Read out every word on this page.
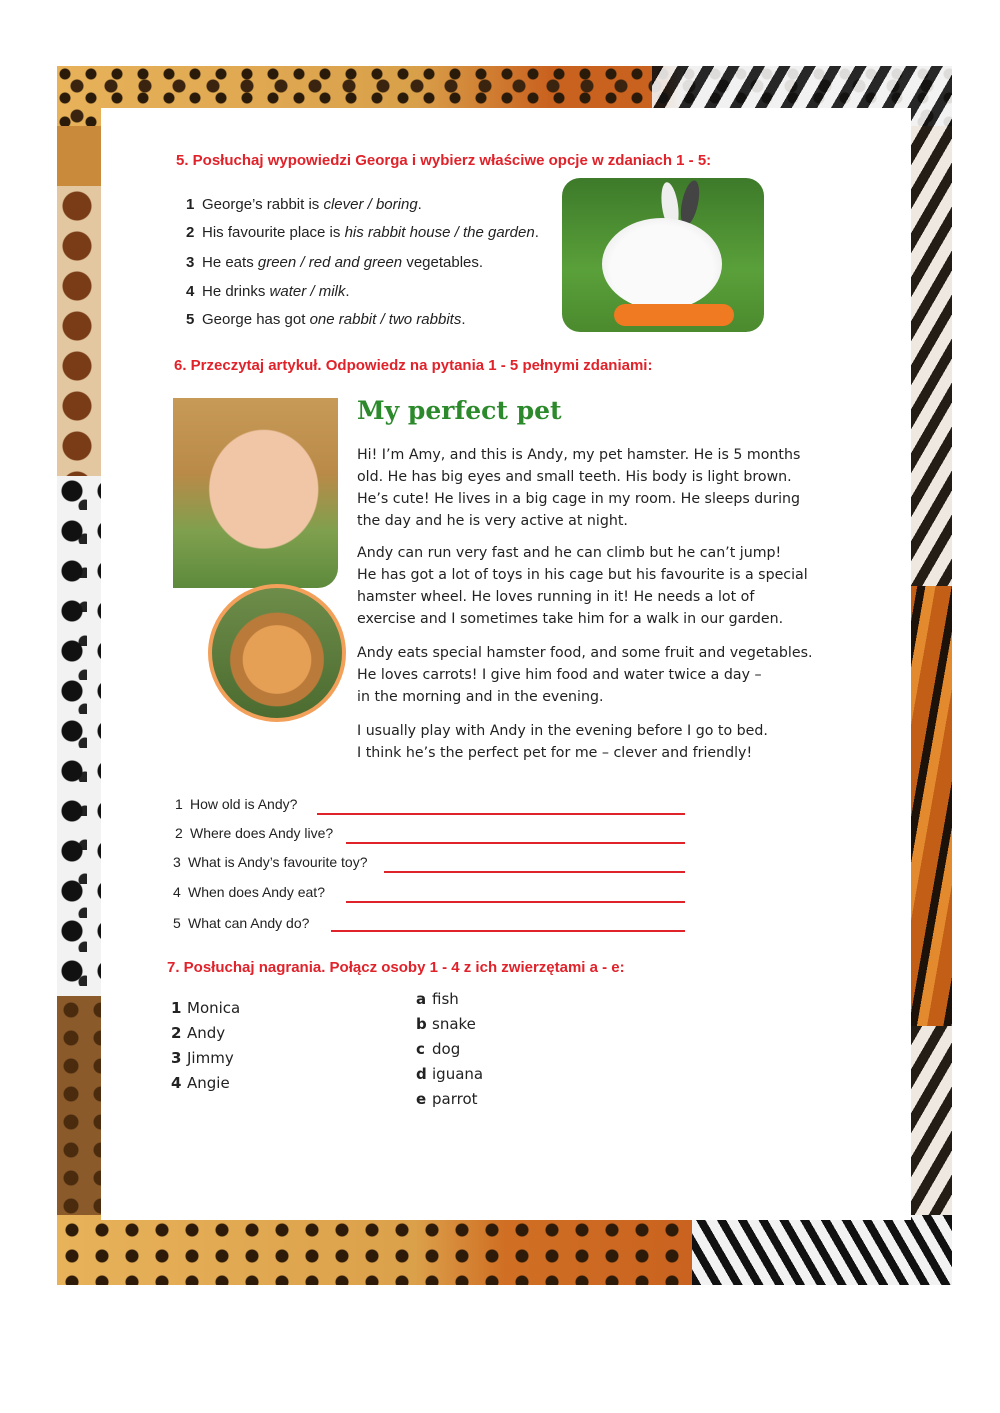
5. Posłuchaj wypowiedzi Georga i wybierz właściwe opcje w zdaniach 1 - 5:
1 George’s rabbit is clever / boring.
2 His favourite place is his rabbit house / the garden.
3 He eats green / red and green vegetables.
4 He drinks water / milk.
5 George has got one rabbit / two rabbits.
6. Przeczytaj artykuł. Odpowiedz na pytania 1 - 5 pełnymi zdaniami:
My perfect pet
Hi! I’m Amy, and this is Andy, my pet hamster. He is 5 months
old. He has big eyes and small teeth. His body is light brown.
He’s cute! He lives in a big cage in my room. He sleeps during
the day and he is very active at night.
Andy can run very fast and he can climb but he can’t jump!
He has got a lot of toys in his cage but his favourite is a special
hamster wheel. He loves running in it! He needs a lot of
exercise and I sometimes take him for a walk in our garden.
Andy eats special hamster food, and some fruit and vegetables.
He loves carrots! I give him food and water twice a day –
in the morning and in the evening.
I usually play with Andy in the evening before I go to bed.
I think he’s the perfect pet for me – clever and friendly!
1 How old is Andy?
2 Where does Andy live?
3 What is Andy’s favourite toy?
4 When does Andy eat?
5 What can Andy do?
7. Posłuchaj nagrania. Połącz osoby 1 - 4 z ich zwierzętami a - e:
1 Monica
2 Andy
3 Jimmy
4 Angie
a fish
b snake
c dog
d iguana
e parrot
